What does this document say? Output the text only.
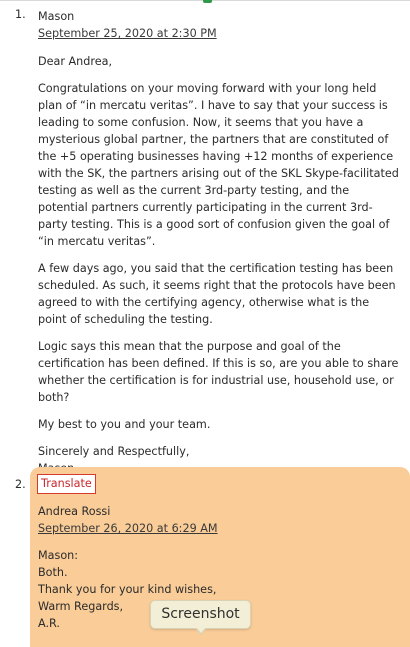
1. Mason
September 25, 2020 at 2:30 PM

Dear Andrea,

Congratulations on your moving forward with your long held plan of “in mercatu veritas”. I have to say that your success is leading to some confusion. Now, it seems that you have a mysterious global partner, the partners that are constituted of the +5 operating businesses having +12 months of experience with the SK, the partners arising out of the SKL Skype-facilitated testing as well as the current 3rd-party testing, and the potential partners currently participating in the current 3rd-party testing. This is a good sort of confusion given the goal of “in mercatu veritas”.

A few days ago, you said that the certification testing has been scheduled. As such, it seems right that the protocols have been agreed to with the certifying agency, otherwise what is the point of scheduling the testing.

Logic says this mean that the purpose and goal of the certification has been defined. If this is so, are you able to share whether the certification is for industrial use, household use, or both?

My best to you and your team.

Sincerely and Respectfully,
2.	Translate
Andrea Rossi
September 26, 2020 at 6:29 AM
Mason:
Both.
Thank you for your kind wishes,
Warm Regards,
A.R.
Screenshot
